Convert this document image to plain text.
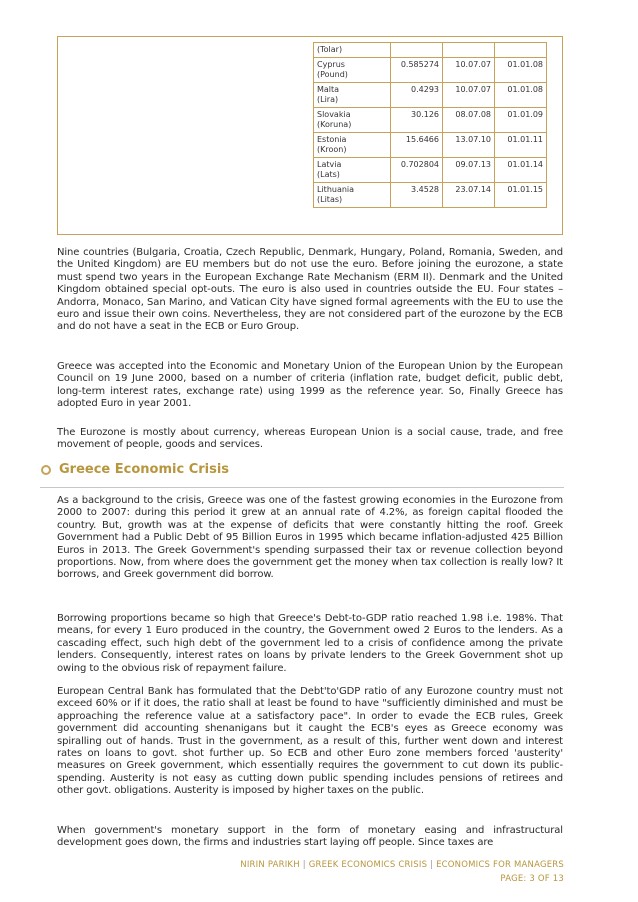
(Tolar)			
Cyprus
(Pound)	0.585274	10.07.07	01.01.08
Malta
(Lira)	0.4293	10.07.07	01.01.08
Slovakia
(Koruna)	30.126	08.07.08	01.01.09
Estonia
(Kroon)	15.6466	13.07.10	01.01.11
Latvia
(Lats)	0.702804	09.07.13	01.01.14
Lithuania
(Litas)	3.4528	23.07.14	01.01.15

Nine countries (Bulgaria, Croatia, Czech Republic, Denmark, Hungary, Poland, Romania, Sweden, and the United Kingdom) are EU members but do not use the euro. Before joining the eurozone, a state must spend two years in the European Exchange Rate Mechanism (ERM II). Denmark and the United Kingdom obtained special opt-outs. The euro is also used in countries outside the EU. Four states – Andorra, Monaco, San Marino, and Vatican City have signed formal agreements with the EU to use the euro and issue their own coins. Nevertheless, they are not considered part of the eurozone by the ECB and do not have a seat in the ECB or Euro Group.

Greece was accepted into the Economic and Monetary Union of the European Union by the European Council on 19 June 2000, based on a number of criteria (inflation rate, budget deficit, public debt, long-term interest rates, exchange rate) using 1999 as the reference year. So, Finally Greece has adopted Euro in year 2001.

The Eurozone is mostly about currency, whereas European Union is a social cause, trade, and free movement of people, goods and services.

Greece Economic Crisis

As a background to the crisis, Greece was one of the fastest growing economies in the Eurozone from 2000 to 2007: during this period it grew at an annual rate of 4.2%, as foreign capital flooded the country. But, growth was at the expense of deficits that were constantly hitting the roof. Greek Government had a Public Debt of 95 Billion Euros in 1995 which became inflation-adjusted 425 Billion Euros in 2013. The Greek Government's spending surpassed their tax or revenue collection beyond proportions. Now, from where does the government get the money when tax collection is really low? It borrows, and Greek government did borrow.

Borrowing proportions became so high that Greece's Debt-to-GDP ratio reached 1.98 i.e. 198%. That means, for every 1 Euro produced in the country, the Government owed 2 Euros to the lenders. As a cascading effect, such high debt of the government led to a crisis of confidence among the private lenders. Consequently, interest rates on loans by private lenders to the Greek Government shot up owing to the obvious risk of repayment failure.

European Central Bank has formulated that the Debt'to'GDP ratio of any Eurozone country must not exceed 60% or if it does, the ratio shall at least be found to have "sufficiently diminished and must be approaching the reference value at a satisfactory pace". In order to evade the ECB rules, Greek government did accounting shenanigans but it caught the ECB's eyes as Greece economy was spiralling out of hands. Trust in the government, as a result of this, further went down and interest rates on loans to govt. shot further up. So ECB and other Euro zone members forced 'austerity' measures on Greek government, which essentially requires the government to cut down its public-spending. Austerity is not easy as cutting down public spending includes pensions of retirees and other govt. obligations. Austerity is imposed by higher taxes on the public.

When government's monetary support in the form of monetary easing and infrastructural development goes down, the firms and industries start laying off people. Since taxes are

NIRIN PARIKH | GREEK ECONOMICS CRISIS | ECONOMICS FOR MANAGERS
PAGE: 3 OF 13
